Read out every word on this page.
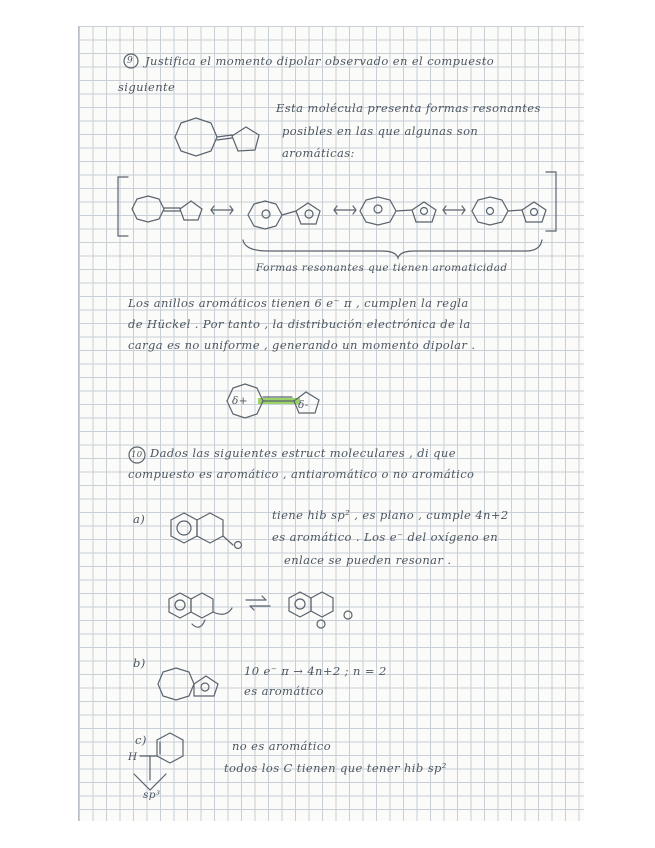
9 Justifica el momento dipolar observado en el compuesto
siguiente
Esta molécula presenta formas resonantes
posibles en las que algunas son
aromáticas:
Formas resonantes que tienen aromaticidad
Los anillos aromáticos tienen 6 e⁻ π , cumplen la regla
de Hückel . Por tanto , la distribución electrónica de la
carga es no uniforme , generando un momento dipolar .
δ+	δ-
10 Dados las siguientes estruct moleculares , di que
compuesto es aromático , antiaromático o no aromático
a)	tiene hib sp² , es plano , cumple 4n+2
es aromático . Los e⁻ del oxígeno en
enlace se pueden resonar .
b)
10 e⁻ π → 4n+2 ; n = 2
es aromático
c)	no es aromático
todos los C tienen que tener hib sp²
sp³
H
